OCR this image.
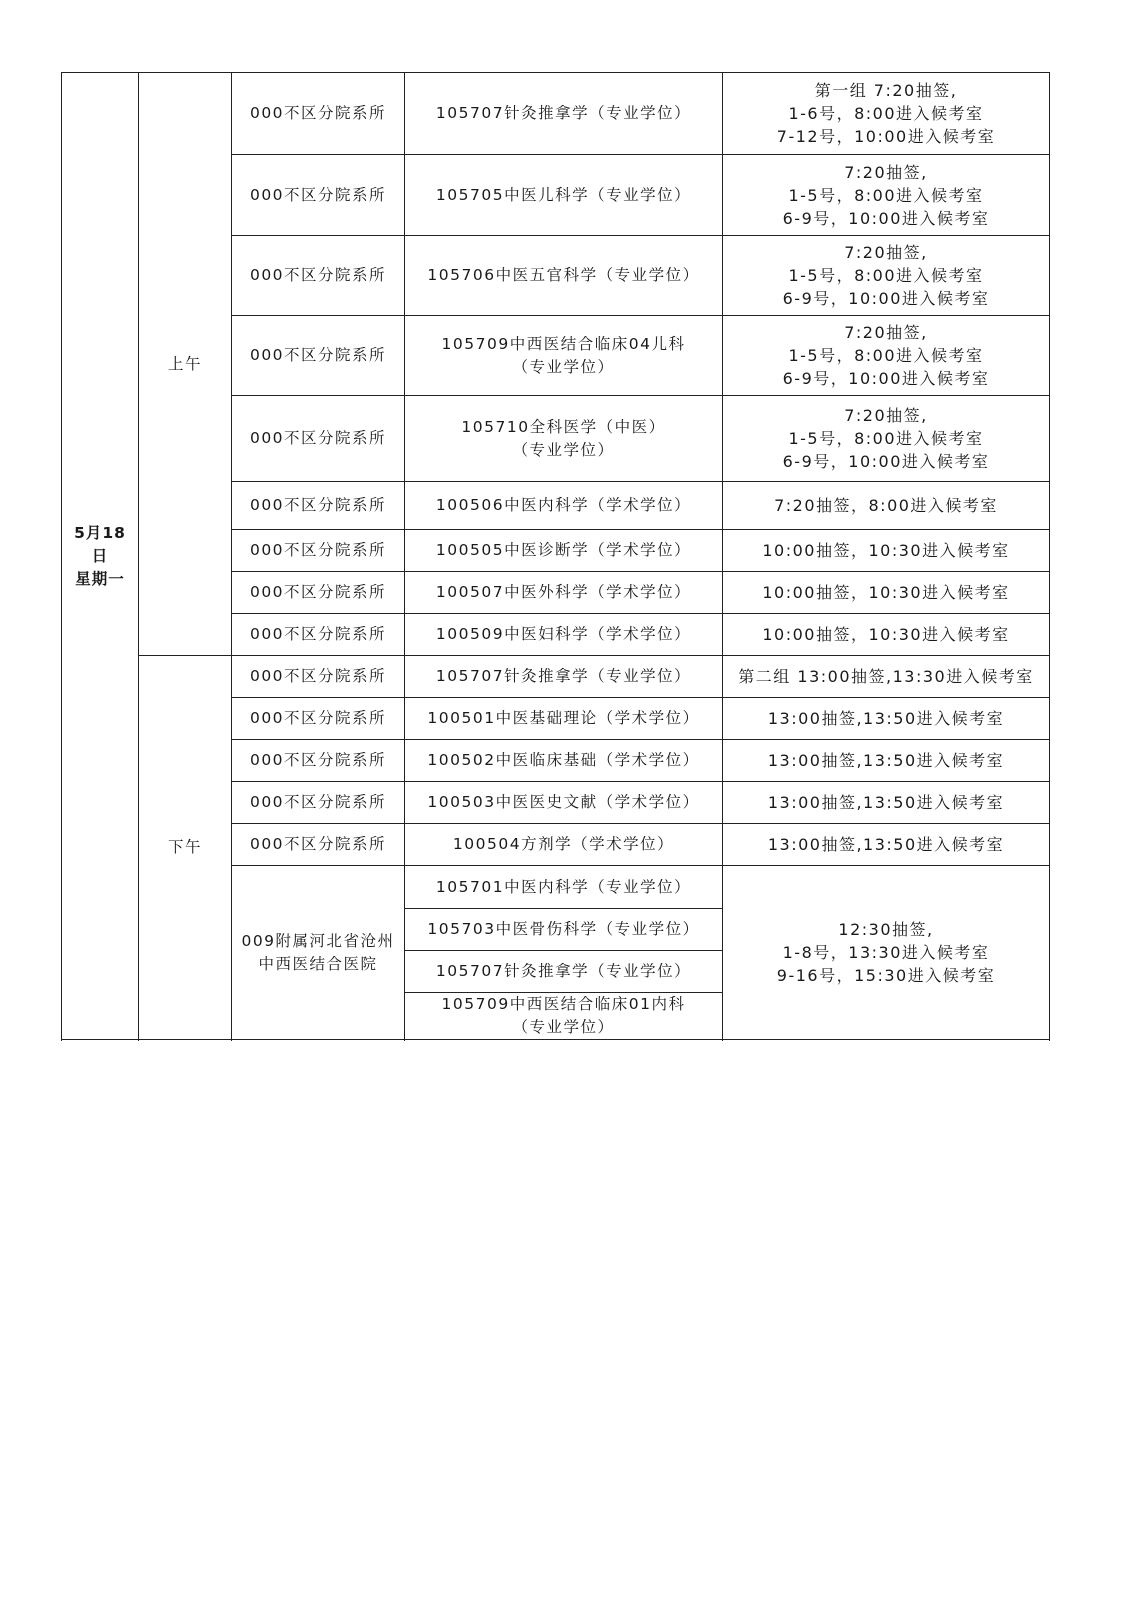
5月18日
星期一	上午	000不区分院系所	105707针灸推拿学（专业学位）	第一组 7:20抽签,
1-6号，8:00进入候考室
7-12号，10:00进入候考室
		000不区分院系所	105705中医儿科学（专业学位）	7:20抽签,
1-5号，8:00进入候考室
6-9号，10:00进入候考室
		000不区分院系所	105706中医五官科学（专业学位）	7:20抽签,
1-5号，8:00进入候考室
6-9号，10:00进入候考室
		000不区分院系所	105709中西医结合临床04儿科
（专业学位）	7:20抽签,
1-5号，8:00进入候考室
6-9号，10:00进入候考室
		000不区分院系所	105710全科医学（中医）
（专业学位）	7:20抽签,
1-5号，8:00进入候考室
6-9号，10:00进入候考室
		000不区分院系所	100506中医内科学（学术学位）	7:20抽签，8:00进入候考室
		000不区分院系所	100505中医诊断学（学术学位）	10:00抽签，10:30进入候考室
		000不区分院系所	100507中医外科学（学术学位）	10:00抽签，10:30进入候考室
		000不区分院系所	100509中医妇科学（学术学位）	10:00抽签，10:30进入候考室
	下午	000不区分院系所	105707针灸推拿学（专业学位）	第二组 13:00抽签,13:30进入候考室
		000不区分院系所	100501中医基础理论（学术学位）	13:00抽签,13:50进入候考室
		000不区分院系所	100502中医临床基础（学术学位）	13:00抽签,13:50进入候考室
		000不区分院系所	100503中医医史文献（学术学位）	13:00抽签,13:50进入候考室
		000不区分院系所	100504方剂学（学术学位）	13:00抽签,13:50进入候考室
		009附属河北省沧州
中西医结合医院	105701中医内科学（专业学位）	12:30抽签,
1-8号，13:30进入候考室
9-16号，15:30进入候考室
			105703中医骨伤科学（专业学位）	
			105707针灸推拿学（专业学位）	
			105709中西医结合临床01内科
（专业学位）	
